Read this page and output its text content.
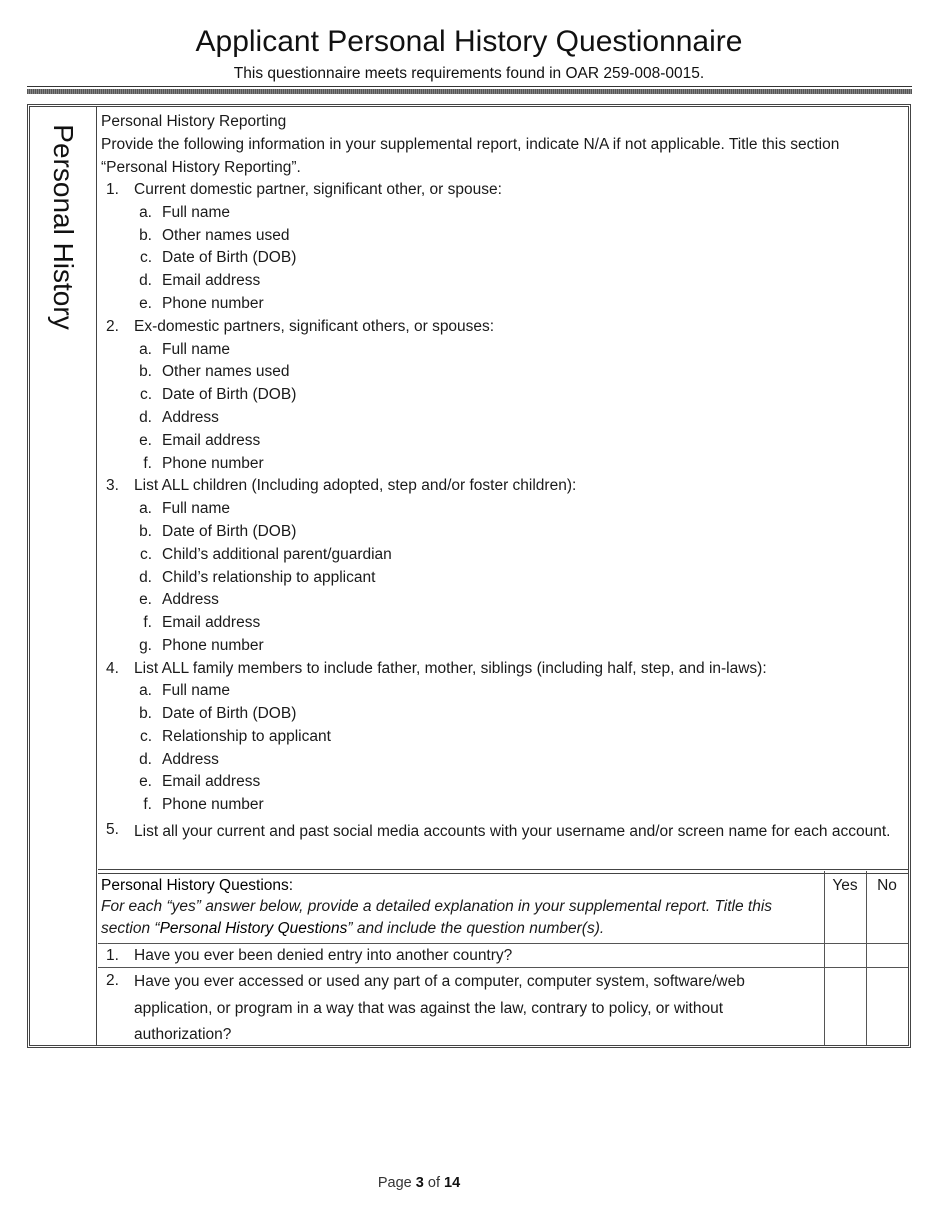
Applicant Personal History Questionnaire
This questionnaire meets requirements found in OAR 259-008-0015.
Personal History
Personal History Reporting
Provide the following information in your supplemental report, indicate N/A if not applicable. Title this section “Personal History Reporting”.
1. Current domestic partner, significant other, or spouse:
a. Full name
b. Other names used
c. Date of Birth (DOB)
d. Email address
e. Phone number
2. Ex-domestic partners, significant others, or spouses:
a. Full name
b. Other names used
c. Date of Birth (DOB)
d. Address
e. Email address
f. Phone number
3. List ALL children (Including adopted, step and/or foster children):
a. Full name
b. Date of Birth (DOB)
c. Child’s additional parent/guardian
d. Child’s relationship to applicant
e. Address
f. Email address
g. Phone number
4. List ALL family members to include father, mother, siblings (including half, step, and in-laws):
a. Full name
b. Date of Birth (DOB)
c. Relationship to applicant
d. Address
e. Email address
f. Phone number
5. List all your current and past social media accounts with your username and/or screen name for each account.
Personal History Questions:
For each “yes” answer below, provide a detailed explanation in your supplemental report. Title this section “Personal History Questions” and include the question number(s).
Yes	No
1. Have you ever been denied entry into another country?
2. Have you ever accessed or used any part of a computer, computer system, software/web application, or program in a way that was against the law, contrary to policy, or without authorization?
Page 3 of 14
